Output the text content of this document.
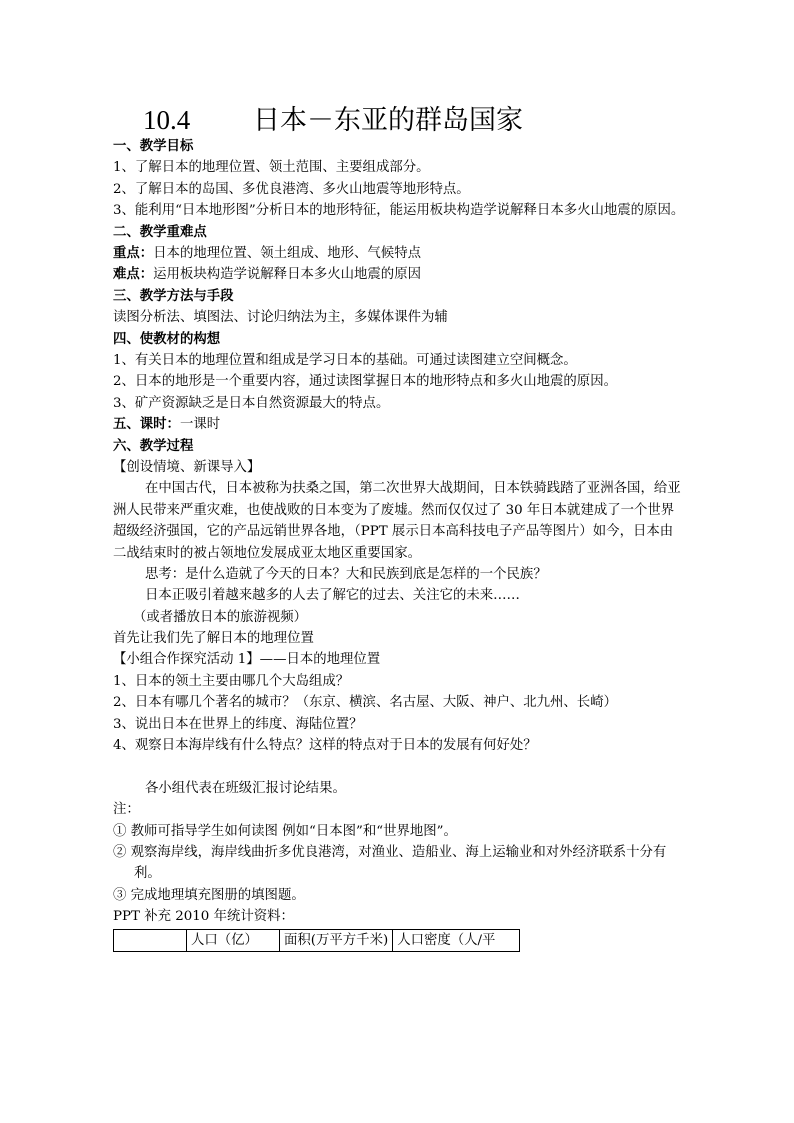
10.4 日本－东亚的群岛国家
一、教学目标
1、了解日本的地理位置、领土范围、主要组成部分。
2、了解日本的岛国、多优良港湾、多火山地震等地形特点。
3、能利用“日本地形图”分析日本的地形特征，能运用板块构造学说解释日本多火山地震的原因。
二、教学重难点
重点：日本的地理位置、领土组成、地形、气候特点
难点：运用板块构造学说解释日本多火山地震的原因
三、教学方法与手段
读图分析法、填图法、讨论归纳法为主，多媒体课件为辅
四、使教材的构想
1、有关日本的地理位置和组成是学习日本的基础。可通过读图建立空间概念。
2、日本的地形是一个重要内容，通过读图掌握日本的地形特点和多火山地震的原因。
3、矿产资源缺乏是日本自然资源最大的特点。
五、课时：一课时
六、教学过程
【创设情境、新课导入】
在中国古代，日本被称为扶桑之国，第二次世界大战期间，日本铁骑践踏了亚洲各国，给亚洲人民带来严重灾难，也使战败的日本变为了废墟。然而仅仅过了 30 年日本就建成了一个世界超级经济强国，它的产品远销世界各地，（PPT 展示日本高科技电子产品等图片）如今，日本由二战结束时的被占领地位发展成亚太地区重要国家。
思考：是什么造就了今天的日本？大和民族到底是怎样的一个民族？
日本正吸引着越来越多的人去了解它的过去、关注它的未来……
（或者播放日本的旅游视频）
首先让我们先了解日本的地理位置
【小组合作探究活动 1】——日本的地理位置
1、日本的领土主要由哪几个大岛组成？
2、日本有哪几个著名的城市？（东京、横滨、名古屋、大阪、神户、北九州、长崎）
3、说出日本在世界上的纬度、海陆位置？
4、观察日本海岸线有什么特点？这样的特点对于日本的发展有何好处？
各小组代表在班级汇报讨论结果。
注：
① 教师可指导学生如何读图 例如“日本图”和“世界地图”。
② 观察海岸线，海岸线曲折多优良港湾，对渔业、造船业、海上运输业和对外经济联系十分有利。
③ 完成地理填充图册的填图题。
PPT 补充 2010 年统计资料：
	人口（亿）	面积(万平方千米)	人口密度（人/平
